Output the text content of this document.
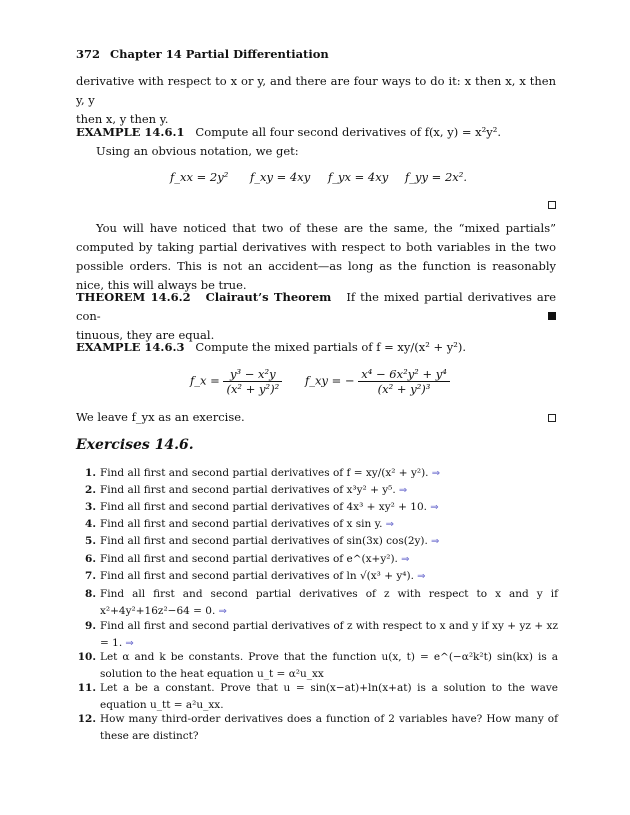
372 Chapter 14 Partial Differentiation
derivative with respect to x or y, and there are four ways to do it: x then x, x then y, y
then x, y then y.
EXAMPLE 14.6.1 Compute all four second derivatives of f(x, y) = x²y².
Using an obvious notation, we get:
f_xx = 2y² f_xy = 4xy f_yx = 4xy f_yy = 2x².
You will have noticed that two of these are the same, the “mixed partials” computed by taking partial derivatives with respect to both variables in the two possible orders. This is not an accident—as long as the function is reasonably nice, this will always be true.
THEOREM 14.6.2 Clairaut’s Theorem If the mixed partial derivatives are con-
tinuous, they are equal.
EXAMPLE 14.6.3 Compute the mixed partials of f = xy/(x² + y²).
f_x = $\frac{\text{y³ − x²y}}{\text{(x² + y²)²}}$ f_xy = − $\frac{\text{x⁴ − 6x²y² + y⁴}}{\text{(x² + y²)³}}$
We leave f_yx as an exercise.
Exercises 14.6.
1. Find all first and second partial derivatives of f = xy/(x² + y²). ⇒
2. Find all first and second partial derivatives of x³y² + y⁵. ⇒
3. Find all first and second partial derivatives of 4x³ + xy² + 10. ⇒
4. Find all first and second partial derivatives of x sin y. ⇒
5. Find all first and second partial derivatives of sin(3x) cos(2y). ⇒
6. Find all first and second partial derivatives of e^(x+y²). ⇒
7. Find all first and second partial derivatives of ln √(x³ + y⁴). ⇒
8. Find all first and second partial derivatives of z with respect to x and y if x²+4y²+16z²−64 = 0. ⇒
9. Find all first and second partial derivatives of z with respect to x and y if xy + yz + xz = 1. ⇒
10. Let α and k be constants. Prove that the function u(x, t) = e^(−α²k²t) sin(kx) is a solution to the heat equation u_t = α²u_xx
11. Let a be a constant. Prove that u = sin(x−at)+ln(x+at) is a solution to the wave equation u_tt = a²u_xx.
12. How many third-order derivatives does a function of 2 variables have? How many of these are distinct?
